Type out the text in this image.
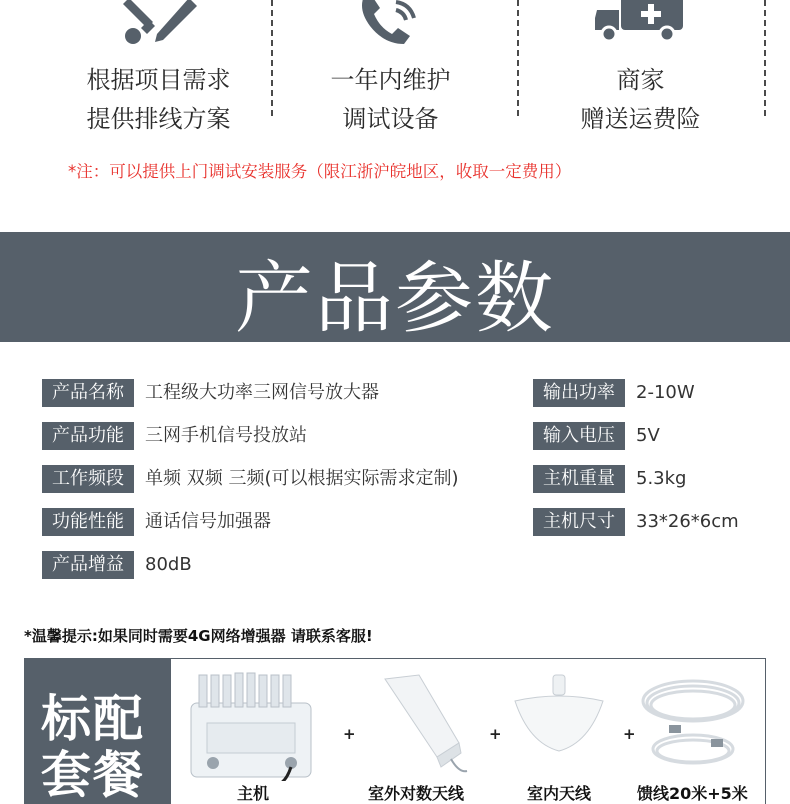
根据项目需求
提供排线方案
一年内维护
调试设备
商家
赠送运费险
*注：可以提供上门调试安装服务（限江浙沪皖地区，收取一定费用）
产品参数
产品名称	工程级大功率三网信号放大器
产品功能	三网手机信号投放站
工作频段	单频 双频 三频(可以根据实际需求定制)
功能性能	通话信号加强器
产品增益	80dB
输出功率	2-10W
输入电压	5V
主机重量	5.3kg
主机尺寸	33*26*6cm
*温馨提示:如果同时需要4G网络增强器 请联系客服!
标配
套餐	主机
+
室外对数天线
+
室内天线
+
馈线20米+5米
